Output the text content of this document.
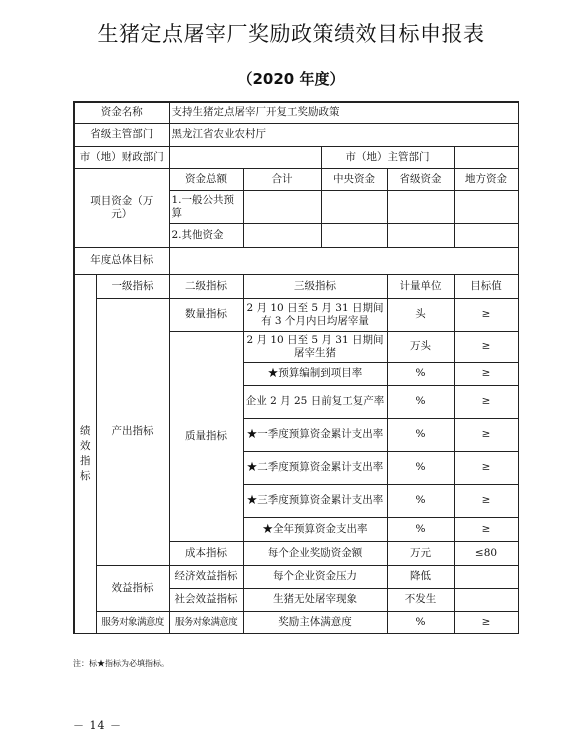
生猪定点屠宰厂奖励政策绩效目标申报表
（2020 年度）
资金名称		支持生猪定点屠宰厂开复工奖励政策				
省级主管部门		黑龙江省农业农村厅				
市（地）财政部门				市（地）主管部门		

项目资金（万元）		资金总额	合计	中央资金	省级资金	地方资金
		1.一般公共预算				
		2.其他资金				
年度总体目标						
绩效指标	一级指标	二级指标	三级指标		计量单位	目标值
	产出指标	数量指标	2 月 10 日至 5 月 31 日期间有 3 个月内日均屠宰量		头	≥
		质量指标	2 月 10 日至 5 月 31 日期间屠宰生猪		万头	≥
			★预算编制到项目率		%	≥
			企业 2 月 25 日前复工复产率		%	≥
			★一季度预算资金累计支出率		%	≥
			★二季度预算资金累计支出率		%	≥
			★三季度预算资金累计支出率		%	≥
			★全年预算资金支出率		%	≥
		成本指标	每个企业奖励资金额		万元	≤80
	效益指标	经济效益指标	每个企业资金压力		降低	
		社会效益指标	生猪无处屠宰现象		不发生	
	服务对象满意度	服务对象满意度	奖励主体满意度		%	≥
注：标★指标为必填指标。
－ 14 －
